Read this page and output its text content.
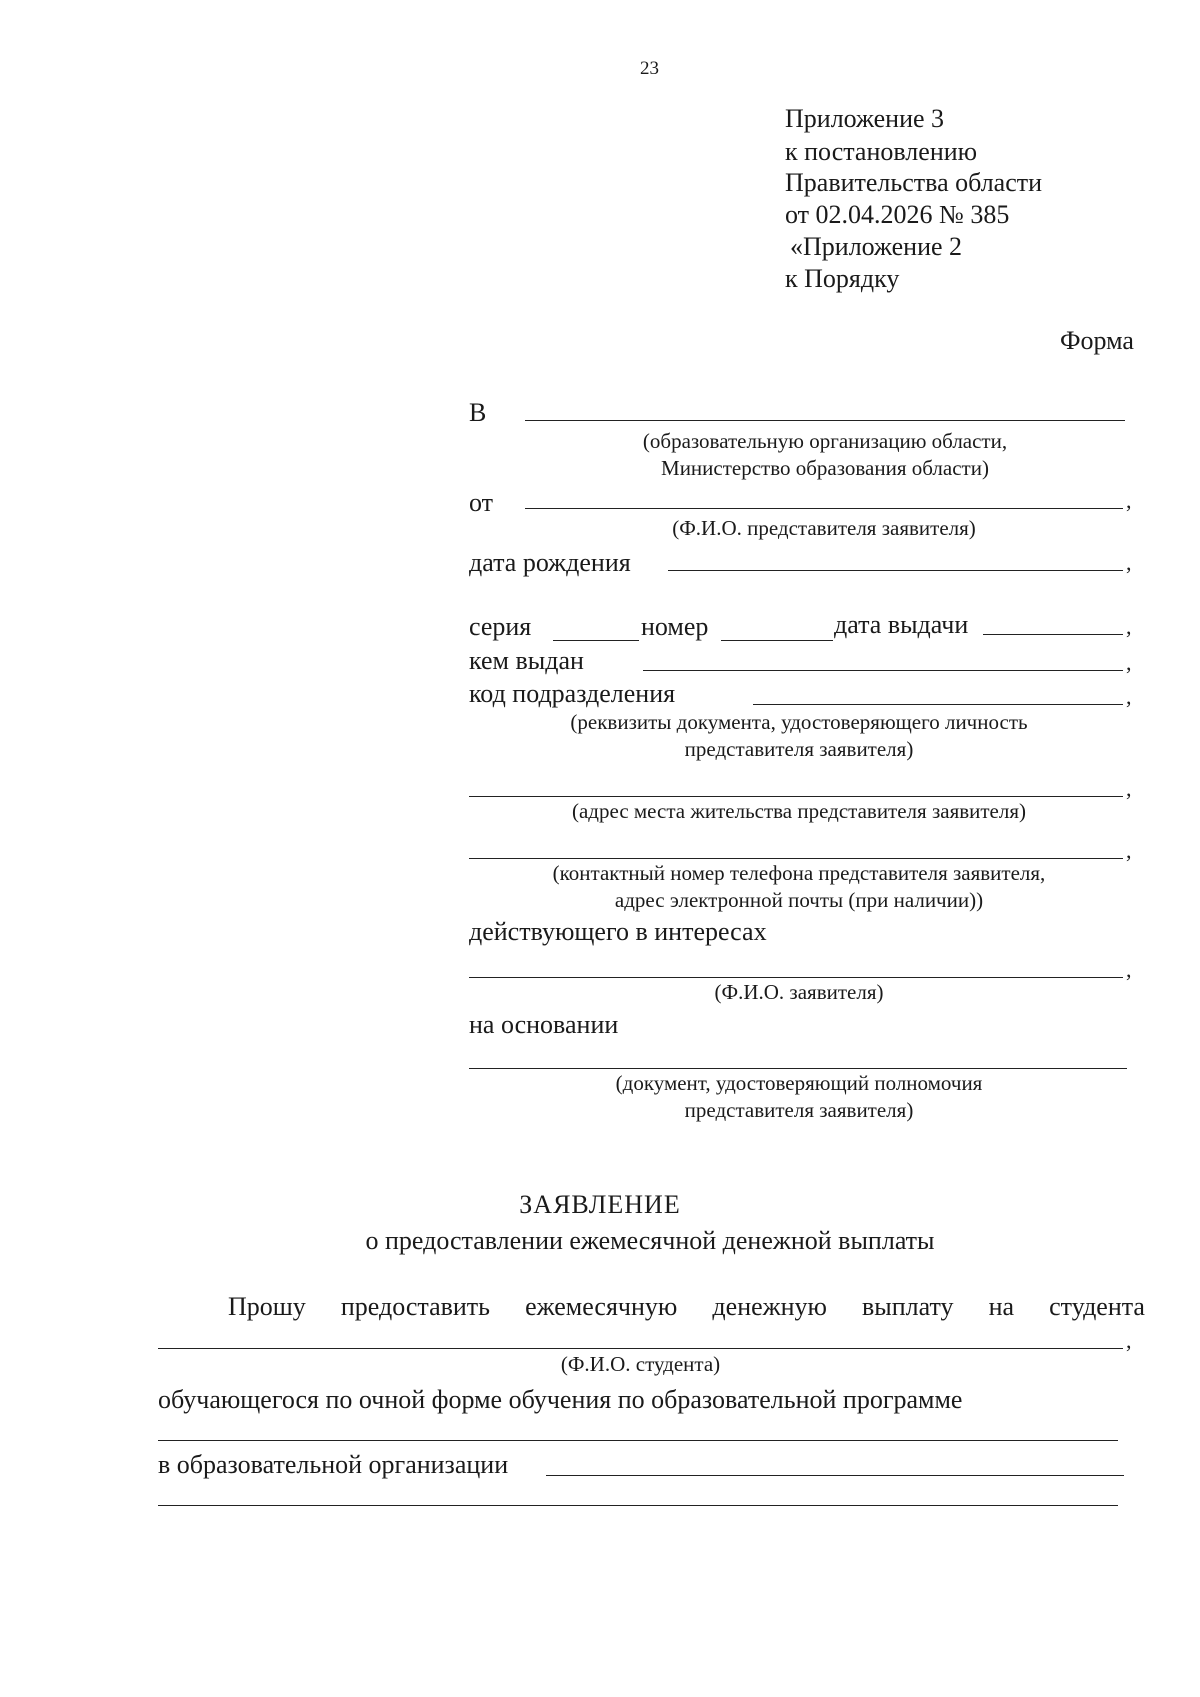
23
Приложение 3
к постановлению
Правительства области
от 02.04.2026 № 385
«Приложение 2
к Порядку
Форма
В
(образовательную организацию области,
Министерство образования области)
от	,
(Ф.И.О. представителя заявителя)
дата рождения	,
серия	номер	дата выдачи	,
кем выдан	,
код подразделения	,
(реквизиты документа, удостоверяющего личность
представителя заявителя)
,
(адрес места жительства представителя заявителя)
,
(контактный номер телефона представителя заявителя,
адрес электронной почты (при наличии))
действующего в интересах
,
(Ф.И.О. заявителя)
на основании
(документ, удостоверяющий полномочия
представителя заявителя)
ЗАЯВЛЕНИЕ
о предоставлении ежемесячной денежной выплаты
Прошу предоставить ежемесячную денежную выплату на студента
,
(Ф.И.О. студента)
обучающегося по очной форме обучения по образовательной программе
в образовательной организации
